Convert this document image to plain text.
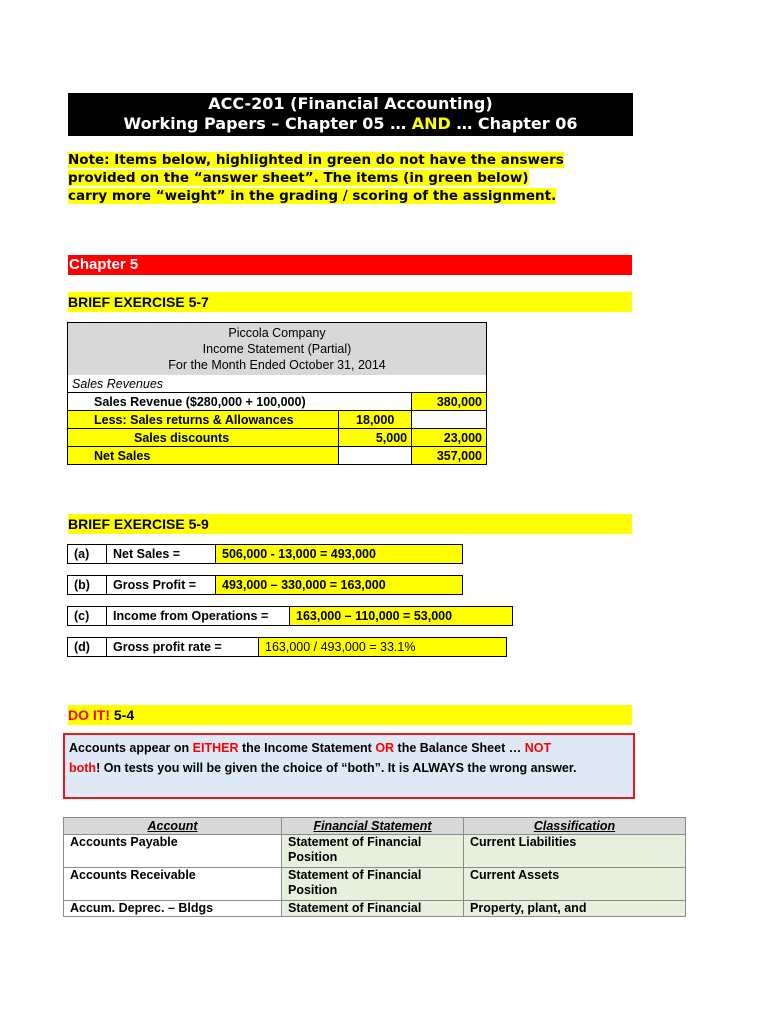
ACC-201 (Financial Accounting)
Working Papers – Chapter 05 … AND … Chapter 06
Note: Items below, highlighted in green do not have the answers
provided on the “answer sheet”. The items (in green below)
carry more “weight” in the grading / scoring of the assignment.
Chapter 5
BRIEF EXERCISE 5-7
Piccola Company
Income Statement (Partial)
For the Month Ended October 31, 2014		

Sales Revenues		
Sales Revenue ($280,000 + 100,000)		380,000
Less: Sales returns & Allowances	18,000	
Sales discounts	5,000	23,000
Net Sales		357,000
BRIEF EXERCISE 5-9
(a)	Net Sales =	506,000 - 13,000 = 493,000
(b)	Gross Profit =	493,000 – 330,000 = 163,000
(c)	Income from Operations =	163,000 – 110,000 = 53,000
(d)	Gross profit rate =	163,000 / 493,000 = 33.1%
DO IT! 5-4
Accounts appear on EITHER the Income Statement OR the Balance Sheet … NOT
both! On tests you will be given the choice of “both”. It is ALWAYS the wrong answer.
Account	Financial Statement	Classification
Accounts Payable	Statement of Financial Position	Current Liabilities
Accounts Receivable	Statement of Financial Position	Current Assets
Accum. Deprec. – Bldgs	Statement of Financial	Property, plant, and
